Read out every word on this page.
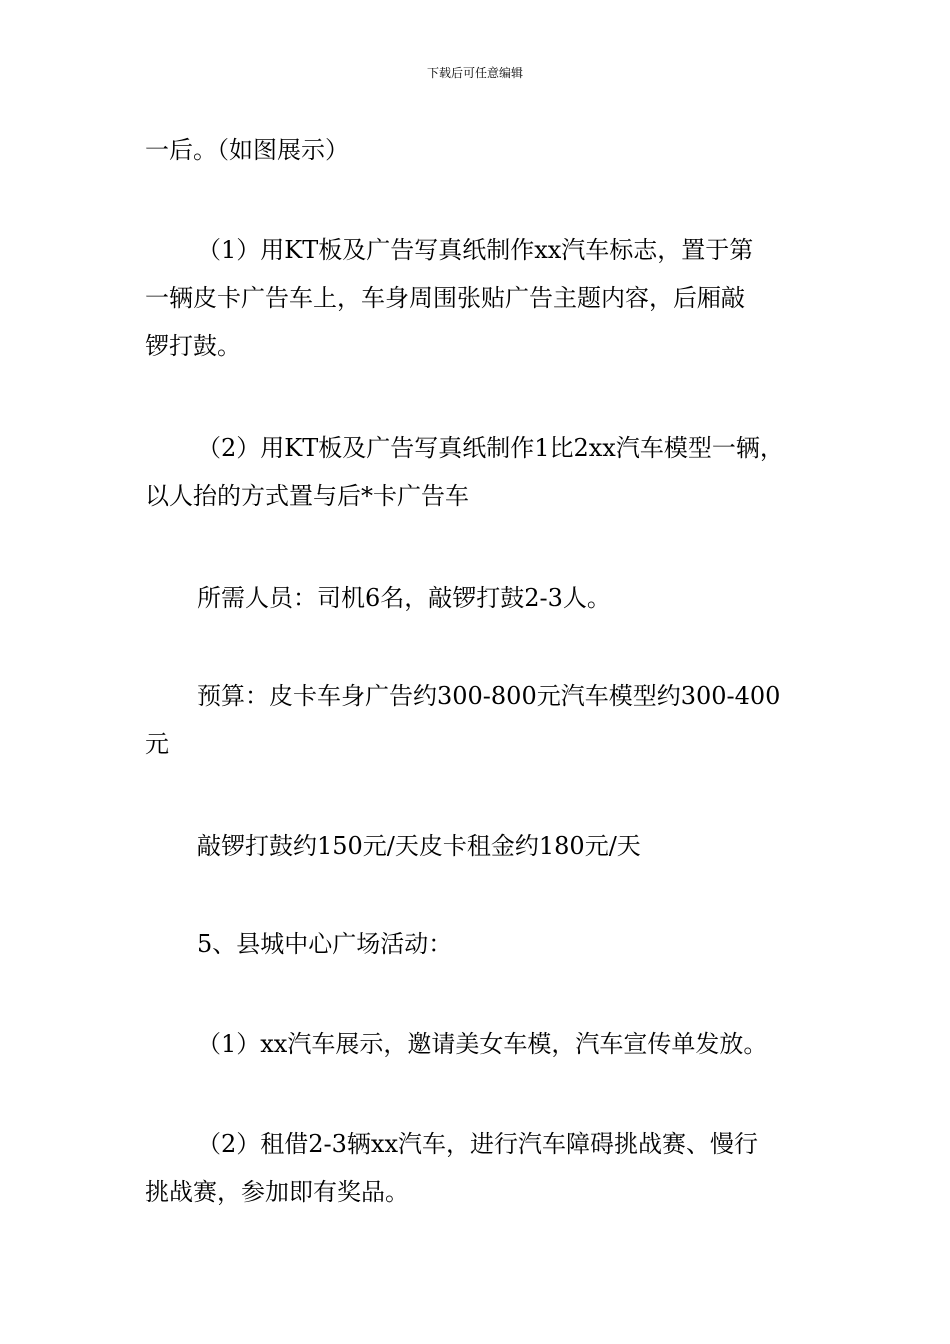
下载后可任意编辑
一后。（如图展示）
（1）用KT板及广告写真纸制作xx汽车标志，置于第
一辆皮卡广告车上，车身周围张贴广告主题内容，后厢敲
锣打鼓。
（2）用KT板及广告写真纸制作1比2xx汽车模型一辆，
以人抬的方式置与后*卡广告车
所需人员：司机6名，敲锣打鼓2-3人。
预算：皮卡车身广告约300-800元汽车模型约300-400
元
敲锣打鼓约150元/天皮卡租金约180元/天
5、县城中心广场活动：
（1）xx汽车展示，邀请美女车模，汽车宣传单发放。
（2）租借2-3辆xx汽车，进行汽车障碍挑战赛、慢行
挑战赛，参加即有奖品。
